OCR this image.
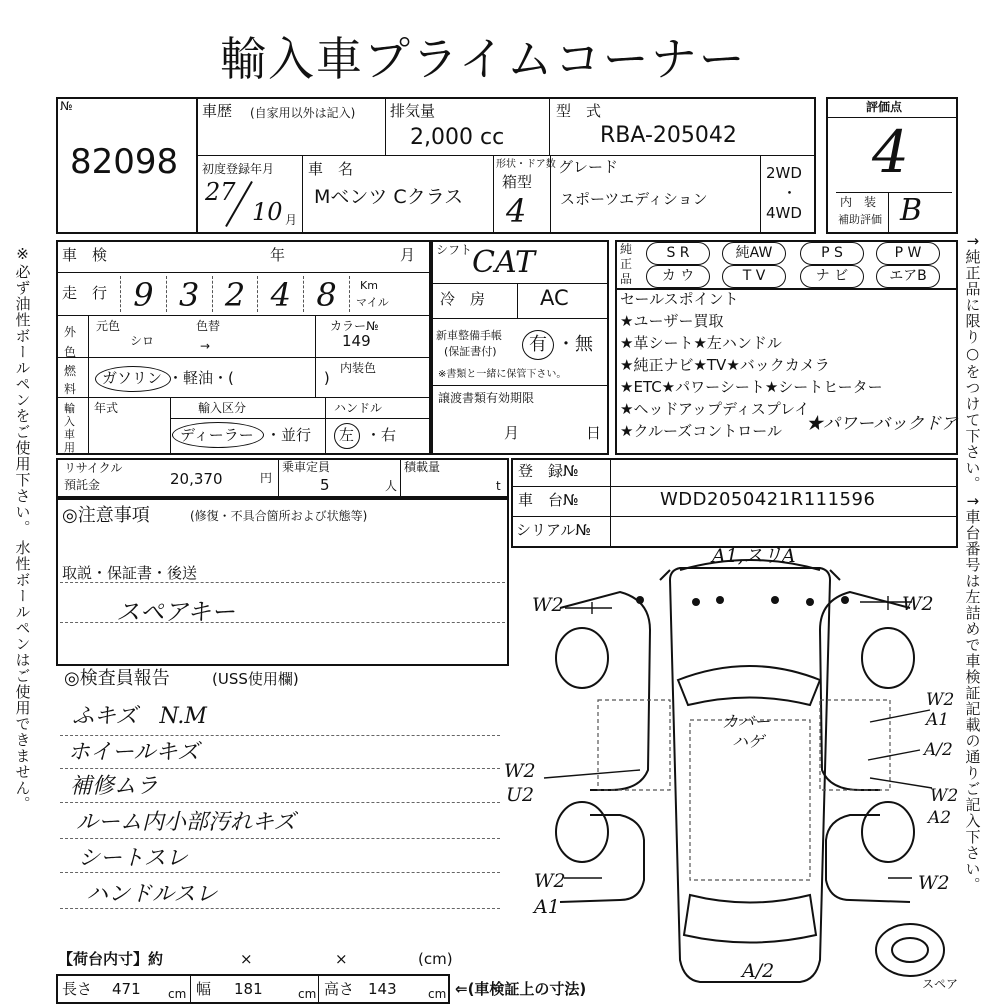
輸入車プライムコーナー
※必ず油性ボールペンをご使用下さい。
水性ボールペンはご使用できません。
↑純正品に限り○をつけて下さい。
↑車台番号は左詰めで車検証記載の通りご記入下さい。
№
82098
車歴 (自家用以外は記入) 排気量
2,000 cc
型　式
RBA-205042
初度登録年月
27
10 月
車　名
Mベンツ Cクラス
形状・ドア数
箱型
4
グレード
スポーツエディション
2WD
・
4WD
評価点
4
内　装
補助評価 B
車　検	年	月
走　行 9 3 2 4 8	Km
マイル
外色
元色
シロ
色替
→
カラー№
149
燃料
ガソリン ・軽油・(　　　　　　)
内装色
輸入車用
年式	輸入区分
ディーラー ・並行
ハンドル
左 ・右
シフト CAT
冷　房	AC
新車整備手帳
(保証書付) 有 ・ 無
※書類と一緒に保管下さい。
譲渡書類有効期限
月	日
純正品
S R	純AW	P S	P W
カ ウ	T V	ナ ビ	エアB
セールスポイント
★ユーザー買取
★革シート★左ハンドル
★純正ナビ★TV★バックカメラ
★ETC★パワーシート★シートヒーター
★ヘッドアップディスプレイ
★クルーズコントロール ★パワーバックドア
リサイクル
預託金	20,370	円
乗車定員
5	人
積載量
t
登　録№
車　台№	WDD2050421R111596
シリアル№
◎注意事項	(修復・不具合箇所および状態等)
取説・保証書・後送
スペアキー
◎検査員報告	(USS使用欄)
ふキズ　N.M
ホイールキズ
補修ムラ
ルーム内小部汚れキズ
シートスレ
ハンドルスレ
【荷台内寸】約	×	×	(cm)
長さ 471 cm 幅 181	cm 高さ 143	cm ⇐(車検証上の寸法)
A1,スリA
W2	W2
W2
A1
A/2
W2
U2
カバー
ハゲ
W2
A2
W2
A1
W2
A/2
スペア
